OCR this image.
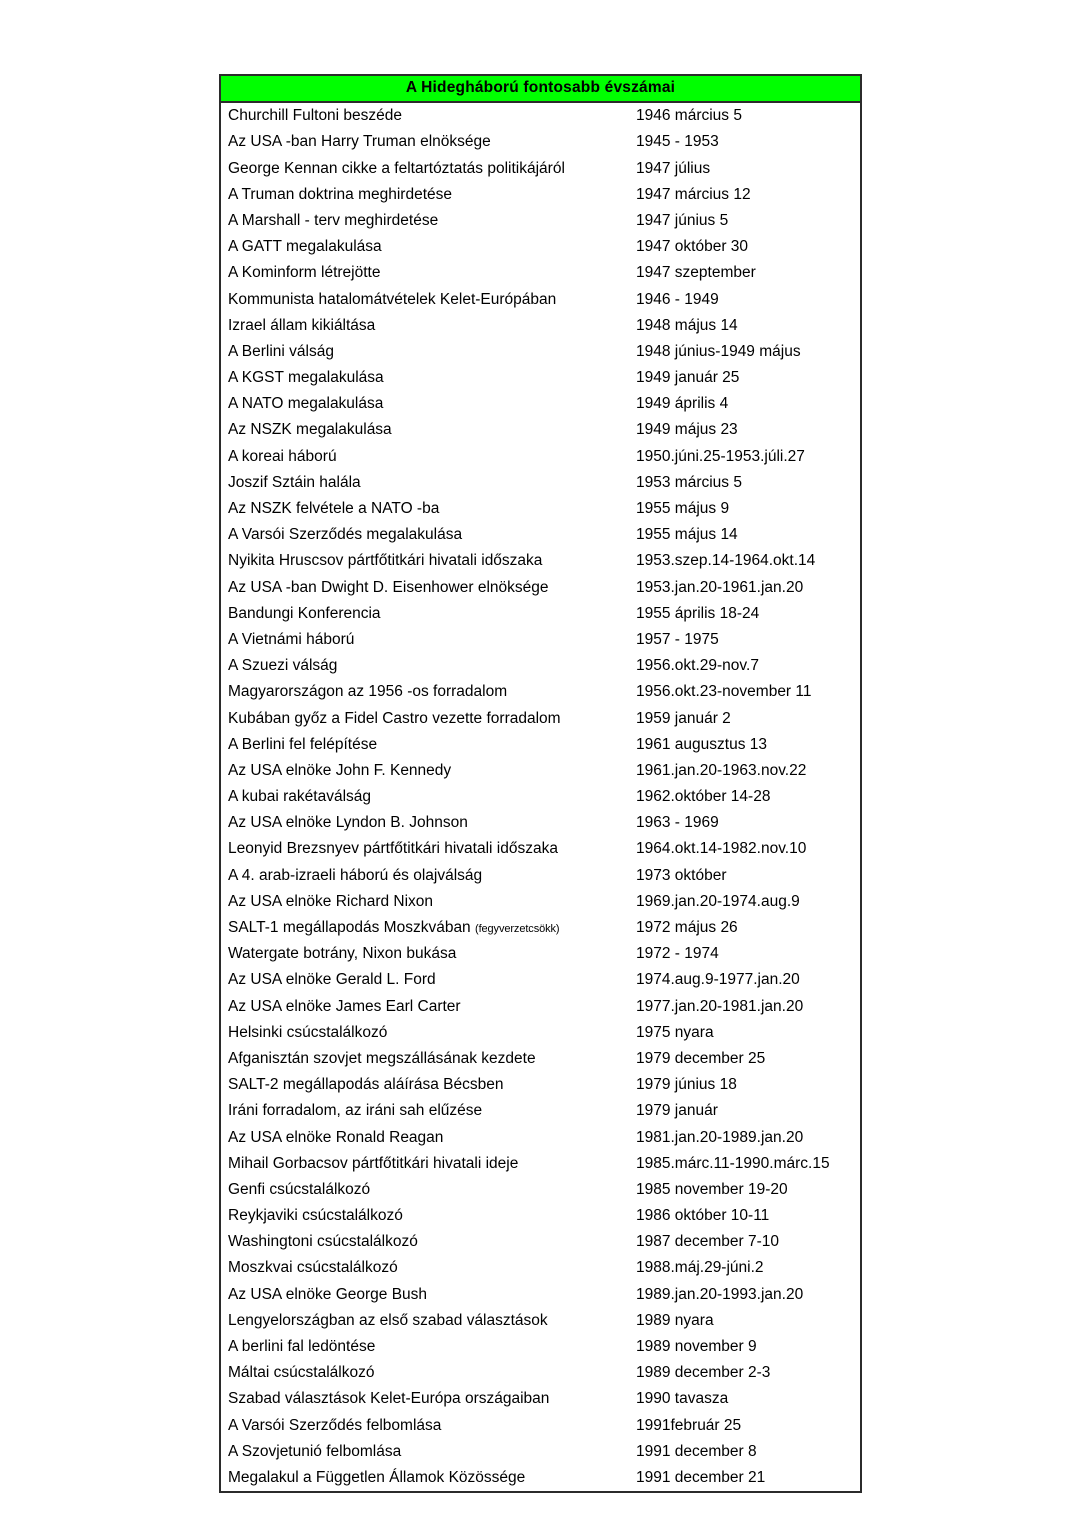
A Hidegháború fontosabb évszámai	
Churchill Fultoni beszéde	1946 március 5
Az USA -ban Harry Truman elnöksége	1945 - 1953
George Kennan cikke a feltartóztatás politikájáról	1947 július
A Truman doktrina meghirdetése	1947 március 12
A Marshall - terv meghirdetése	1947 június 5
A GATT megalakulása	1947 október 30
A Kominform létrejötte	1947 szeptember
Kommunista hatalomátvételek Kelet-Európában	1946 - 1949
Izrael állam kikiáltása	1948 május 14
A Berlini válság	1948 június-1949 május
A KGST megalakulása	1949 január 25
A NATO megalakulása	1949 április 4
Az NSZK megalakulása	1949 május 23
A koreai háború	1950.júni.25-1953.júli.27
Joszif Sztáin halála	1953 március 5
Az NSZK felvétele a NATO -ba	1955 május 9
A Varsói Szerződés megalakulása	1955 május 14
Nyikita Hruscsov pártfőtitkári hivatali időszaka	1953.szep.14-1964.okt.14
Az USA -ban Dwight D. Eisenhower elnöksége	1953.jan.20-1961.jan.20
Bandungi Konferencia	1955 április 18-24
A Vietnámi háború	1957 - 1975
A Szuezi válság	1956.okt.29-nov.7
Magyarországon az 1956 -os forradalom	1956.okt.23-november 11
Kubában győz a Fidel Castro vezette forradalom	1959 január 2
A Berlini fel felépítése	1961 augusztus 13
Az USA elnöke John F. Kennedy	1961.jan.20-1963.nov.22
A kubai rakétaválság	1962.október 14-28
Az USA elnöke Lyndon B. Johnson	1963 - 1969
Leonyid Brezsnyev pártfőtitkári hivatali időszaka	1964.okt.14-1982.nov.10
A 4. arab-izraeli háború és olajválság	1973 október
Az USA elnöke Richard Nixon	1969.jan.20-1974.aug.9
SALT-1 megállapodás Moszkvában (fegyverzetcsökk)	1972 május 26
Watergate botrány, Nixon bukása	1972 - 1974
Az USA elnöke Gerald L. Ford	1974.aug.9-1977.jan.20
Az USA elnöke James Earl Carter	1977.jan.20-1981.jan.20
Helsinki csúcstalálkozó	1975 nyara
Afganisztán szovjet megszállásának kezdete	1979 december 25
SALT-2 megállapodás aláírása Bécsben	1979 június 18
Iráni forradalom, az iráni sah elűzése	1979 január
Az USA elnöke Ronald Reagan	1981.jan.20-1989.jan.20
Mihail Gorbacsov pártfőtitkári hivatali ideje	1985.márc.11-1990.márc.15
Genfi csúcstalálkozó	1985 november 19-20
Reykjaviki csúcstalálkozó	1986 október 10-11
Washingtoni csúcstalálkozó	1987 december 7-10
Moszkvai csúcstalálkozó	1988.máj.29-júni.2
Az USA elnöke George Bush	1989.jan.20-1993.jan.20
Lengyelországban az első szabad választások	1989 nyara
A berlini fal ledöntése	1989 november 9
Máltai csúcstalálkozó	1989 december 2-3
Szabad választások Kelet-Európa országaiban	1990 tavasza
A Varsói Szerződés felbomlása	1991február 25
A Szovjetunió felbomlása	1991 december 8
Megalakul a Független Államok Közössége	1991 december 21
